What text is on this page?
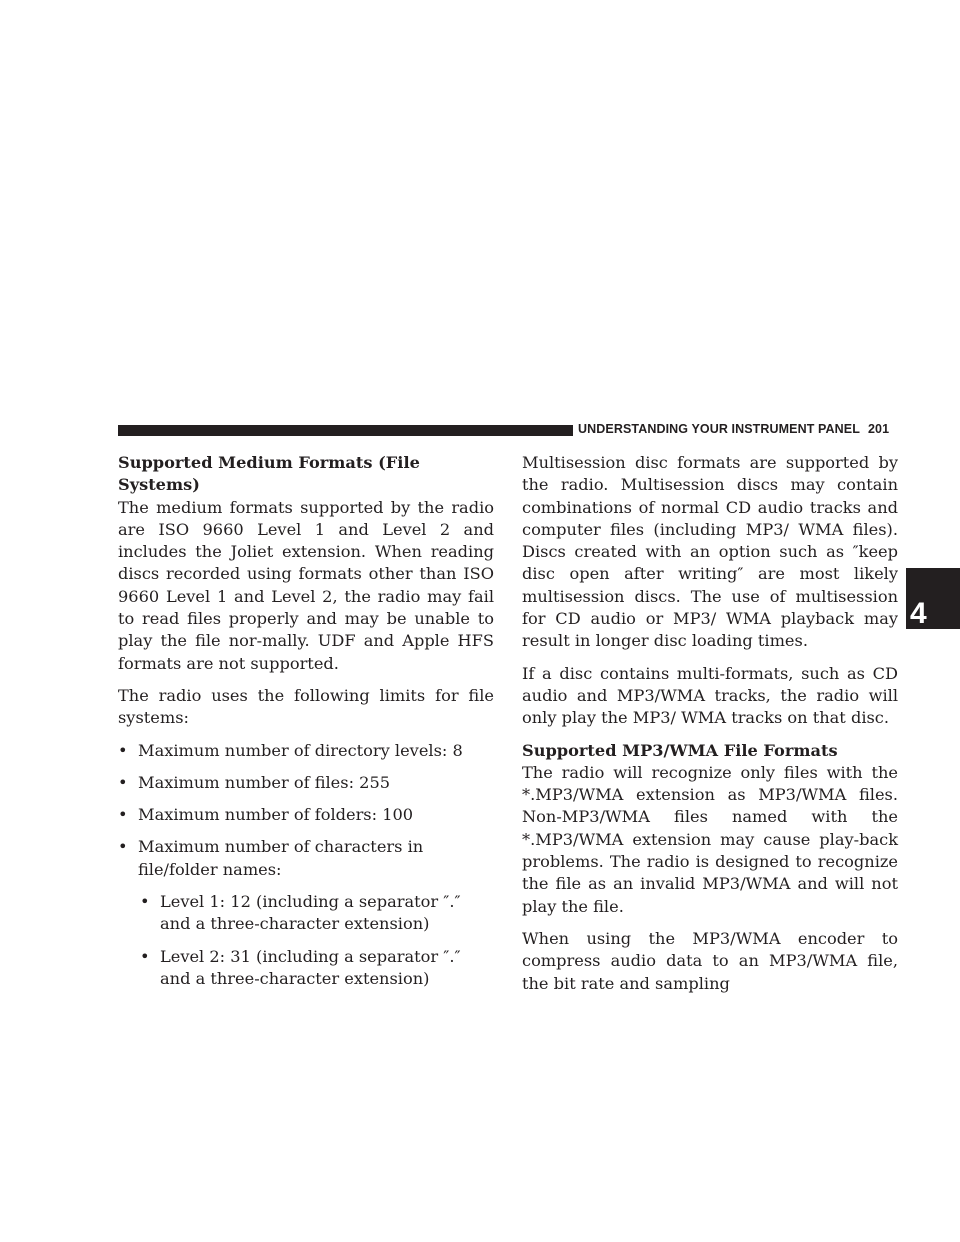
UNDERSTANDING YOUR INSTRUMENT PANEL 201
4
Supported Medium Formats (File Systems)

The medium formats supported by the radio are ISO 9660 Level 1 and Level 2 and includes the Joliet extension. When reading discs recorded using formats other than ISO 9660 Level 1 and Level 2, the radio may fail to read files properly and may be unable to play the file nor-mally. UDF and Apple HFS formats are not supported.

The radio uses the following limits for file systems:

• Maximum number of directory levels: 8
• Maximum number of files: 255
• Maximum number of folders: 100
• Maximum number of characters in file/folder names:
• Level 1: 12 (including a separator ″.″ and a three-character extension)
• Level 2: 31 (including a separator ″.″ and a three-character extension)

Multisession disc formats are supported by the radio. Multisession discs may contain combinations of normal CD audio tracks and computer files (including MP3/ WMA files). Discs created with an option such as ″keep disc open after writing″ are most likely multisession discs. The use of multisession for CD audio or MP3/ WMA playback may result in longer disc loading times.

If a disc contains multi-formats, such as CD audio and MP3/WMA tracks, the radio will only play the MP3/ WMA tracks on that disc.

Supported MP3/WMA File Formats

The radio will recognize only files with the *.MP3/WMA extension as MP3/WMA files. Non-MP3/WMA files named with the *.MP3/WMA extension may cause play-back problems. The radio is designed to recognize the file as an invalid MP3/WMA and will not play the file.

When using the MP3/WMA encoder to compress audio data to an MP3/WMA file, the bit rate and sampling
